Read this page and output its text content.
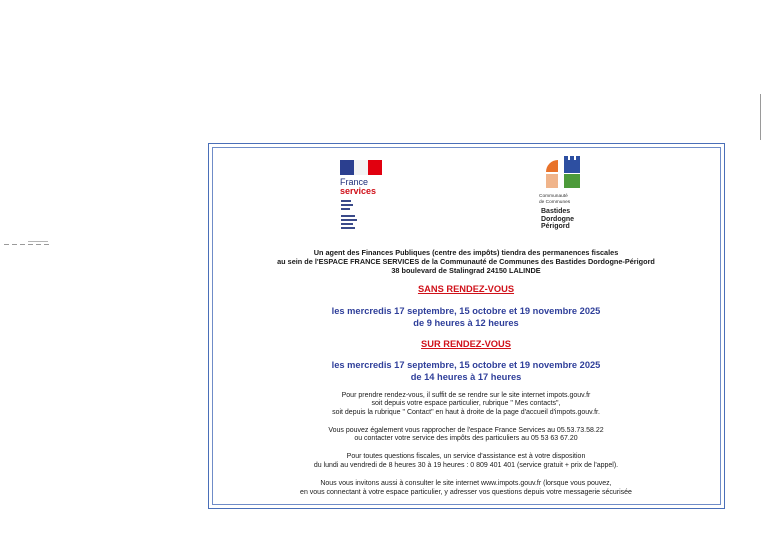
France
services
Communauté
de Communes
Bastides
Dordogne
Périgord
Un agent des Finances Publiques (centre des impôts) tiendra des permanences fiscales
au sein de l'ESPACE FRANCE SERVICES de la Communauté de Communes des Bastides Dordogne-Périgord
38 boulevard de Stalingrad 24150 LALINDE
SANS RENDEZ-VOUS
les mercredis 17 septembre, 15 octobre et 19 novembre 2025
de 9 heures à 12 heures
SUR RENDEZ-VOUS
les mercredis 17 septembre, 15 octobre et 19 novembre 2025
de 14 heures à 17 heures
Pour prendre rendez-vous, il suffit de se rendre sur le site internet impots.gouv.fr
soit depuis votre espace particulier, rubrique " Mes contacts",
soit depuis la rubrique " Contact" en haut à droite de la page d'accueil d'impots.gouv.fr.
Vous pouvez également vous rapprocher de l'espace France Services au 05.53.73.58.22
ou contacter votre service des impôts des particuliers au 05 53 63 67.20
Pour toutes questions fiscales, un service d'assistance est à votre disposition
du lundi au vendredi de 8 heures 30 à 19 heures : 0 809 401 401 (service gratuit + prix de l'appel).
Nous vous invitons aussi à consulter le site internet www.impots.gouv.fr (lorsque vous pouvez,
en vous connectant à votre espace particulier, y adresser vos questions depuis votre messagerie sécurisée
